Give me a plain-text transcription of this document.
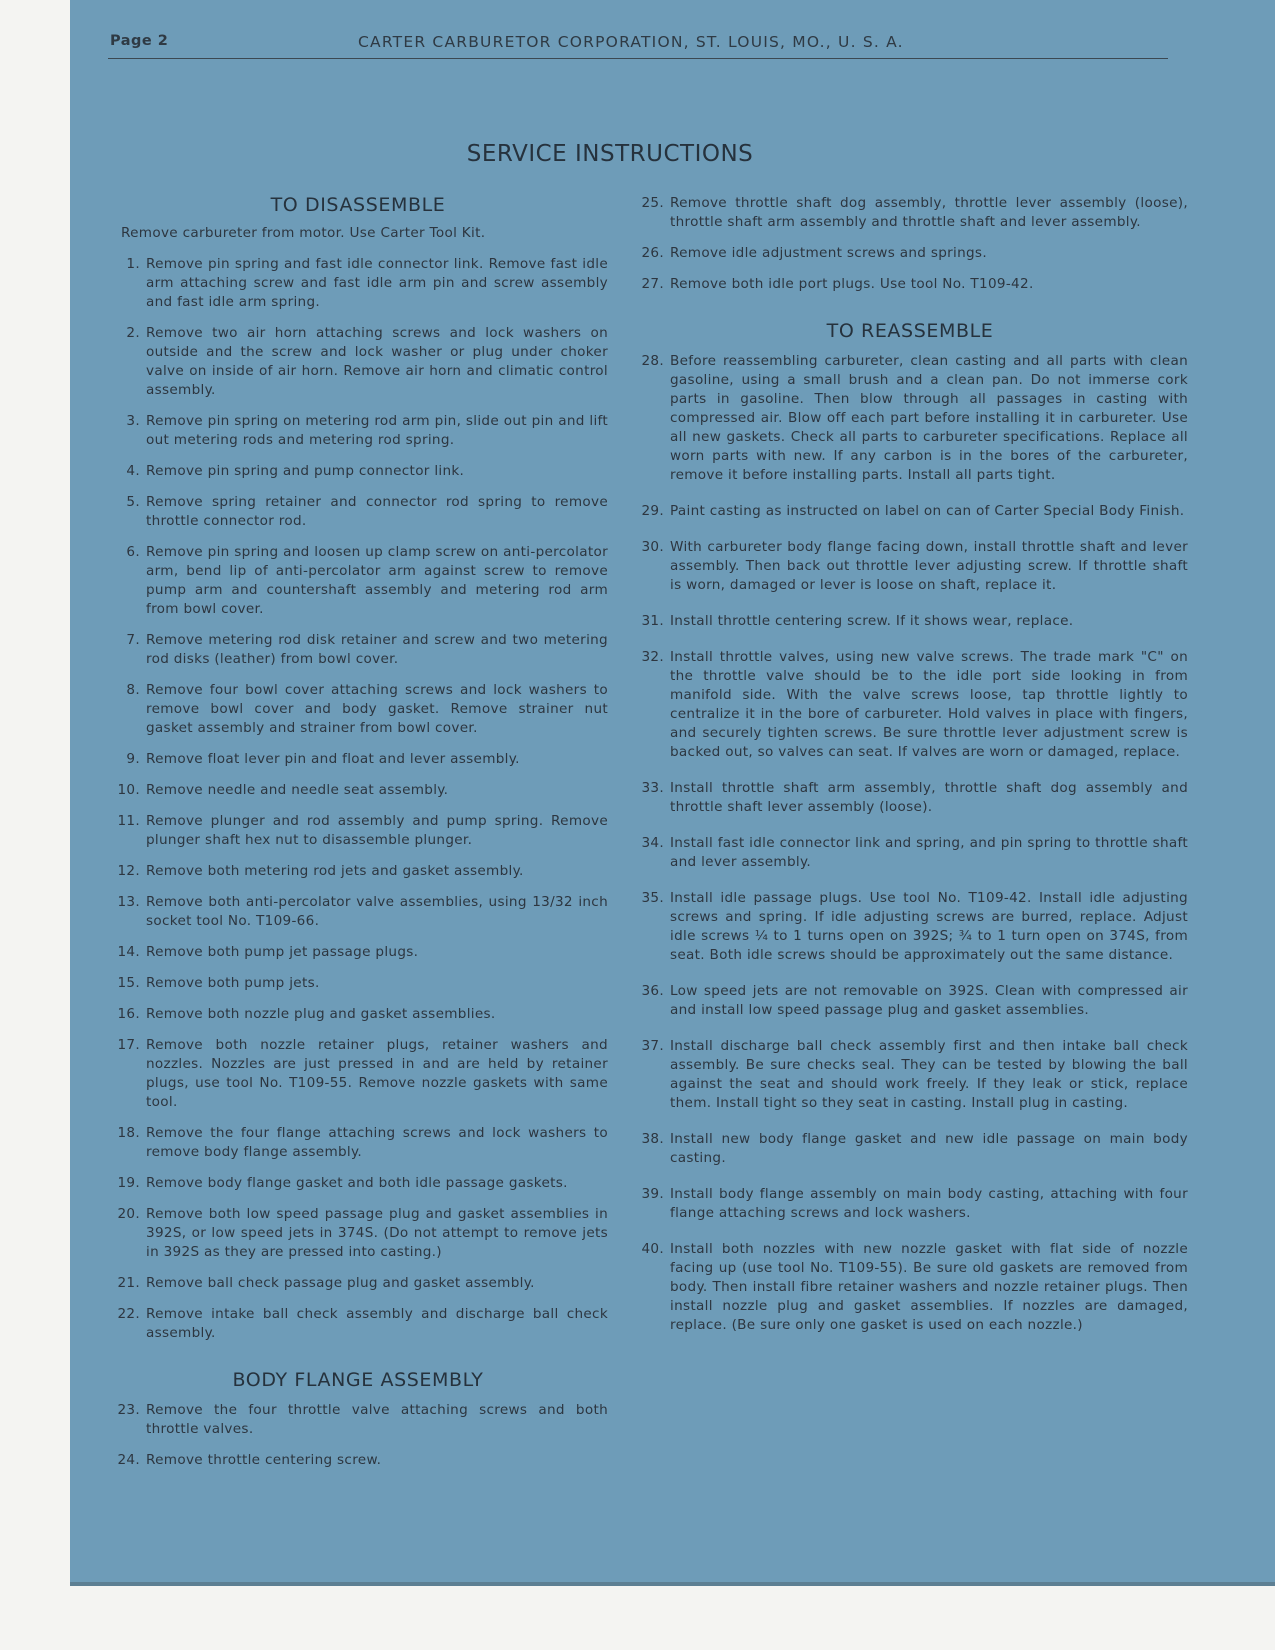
Page 2	CARTER CARBURETOR CORPORATION, ST. LOUIS, MO., U. S. A.
SERVICE INSTRUCTIONS
TO DISASSEMBLE
Remove carbureter from motor. Use Carter Tool Kit.
1. Remove pin spring and fast idle connector link. Remove fast idle arm attaching screw and fast idle arm pin and screw assembly and fast idle arm spring.
2. Remove two air horn attaching screws and lock washers on outside and the screw and lock washer or plug under choker valve on inside of air horn. Remove air horn and climatic control assembly.
3. Remove pin spring on metering rod arm pin, slide out pin and lift out metering rods and metering rod spring.
4. Remove pin spring and pump connector link.
5. Remove spring retainer and connector rod spring to remove throttle connector rod.
6. Remove pin spring and loosen up clamp screw on anti-percolator arm, bend lip of anti-percolator arm against screw to remove pump arm and countershaft assembly and metering rod arm from bowl cover.
7. Remove metering rod disk retainer and screw and two metering rod disks (leather) from bowl cover.
8. Remove four bowl cover attaching screws and lock washers to remove bowl cover and body gasket. Remove strainer nut gasket assembly and strainer from bowl cover.
9. Remove float lever pin and float and lever assembly.
10. Remove needle and needle seat assembly.
11. Remove plunger and rod assembly and pump spring. Remove plunger shaft hex nut to disassemble plunger.
12. Remove both metering rod jets and gasket assembly.
13. Remove both anti-percolator valve assemblies, using 13/32 inch socket tool No. T109-66.
14. Remove both pump jet passage plugs.
15. Remove both pump jets.
16. Remove both nozzle plug and gasket assemblies.
17. Remove both nozzle retainer plugs, retainer washers and nozzles. Nozzles are just pressed in and are held by retainer plugs, use tool No. T109-55. Remove nozzle gaskets with same tool.
18. Remove the four flange attaching screws and lock washers to remove body flange assembly.
19. Remove body flange gasket and both idle passage gaskets.
20. Remove both low speed passage plug and gasket assemblies in 392S, or low speed jets in 374S. (Do not attempt to remove jets in 392S as they are pressed into casting.)
21. Remove ball check passage plug and gasket assembly.
22. Remove intake ball check assembly and discharge ball check assembly.
BODY FLANGE ASSEMBLY
23. Remove the four throttle valve attaching screws and both throttle valves.
24. Remove throttle centering screw.
25. Remove throttle shaft dog assembly, throttle lever assembly (loose), throttle shaft arm assembly and throttle shaft and lever assembly.
26. Remove idle adjustment screws and springs.
27. Remove both idle port plugs. Use tool No. T109-42.
TO REASSEMBLE
28. Before reassembling carbureter, clean casting and all parts with clean gasoline, using a small brush and a clean pan. Do not immerse cork parts in gasoline. Then blow through all passages in casting with compressed air. Blow off each part before installing it in carbureter. Use all new gaskets. Check all parts to carbureter specifications. Replace all worn parts with new. If any carbon is in the bores of the carbureter, remove it before installing parts. Install all parts tight.
29. Paint casting as instructed on label on can of Carter Special Body Finish.
30. With carbureter body flange facing down, install throttle shaft and lever assembly. Then back out throttle lever adjusting screw. If throttle shaft is worn, damaged or lever is loose on shaft, replace it.
31. Install throttle centering screw. If it shows wear, replace.
32. Install throttle valves, using new valve screws. The trade mark "C" on the throttle valve should be to the idle port side looking in from manifold side. With the valve screws loose, tap throttle lightly to centralize it in the bore of carbureter. Hold valves in place with fingers, and securely tighten screws. Be sure throttle lever adjustment screw is backed out, so valves can seat. If valves are worn or damaged, replace.
33. Install throttle shaft arm assembly, throttle shaft dog assembly and throttle shaft lever assembly (loose).
34. Install fast idle connector link and spring, and pin spring to throttle shaft and lever assembly.
35. Install idle passage plugs. Use tool No. T109-42. Install idle adjusting screws and spring. If idle adjusting screws are burred, replace. Adjust idle screws ¼ to 1 turns open on 392S; ¾ to 1 turn open on 374S, from seat. Both idle screws should be approximately out the same distance.
36. Low speed jets are not removable on 392S. Clean with compressed air and install low speed passage plug and gasket assemblies.
37. Install discharge ball check assembly first and then intake ball check assembly. Be sure checks seal. They can be tested by blowing the ball against the seat and should work freely. If they leak or stick, replace them. Install tight so they seat in casting. Install plug in casting.
38. Install new body flange gasket and new idle passage on main body casting.
39. Install body flange assembly on main body casting, attaching with four flange attaching screws and lock washers.
40. Install both nozzles with new nozzle gasket with flat side of nozzle facing up (use tool No. T109-55). Be sure old gaskets are removed from body. Then install fibre retainer washers and nozzle retainer plugs. Then install nozzle plug and gasket assemblies. If nozzles are damaged, replace. (Be sure only one gasket is used on each nozzle.)
